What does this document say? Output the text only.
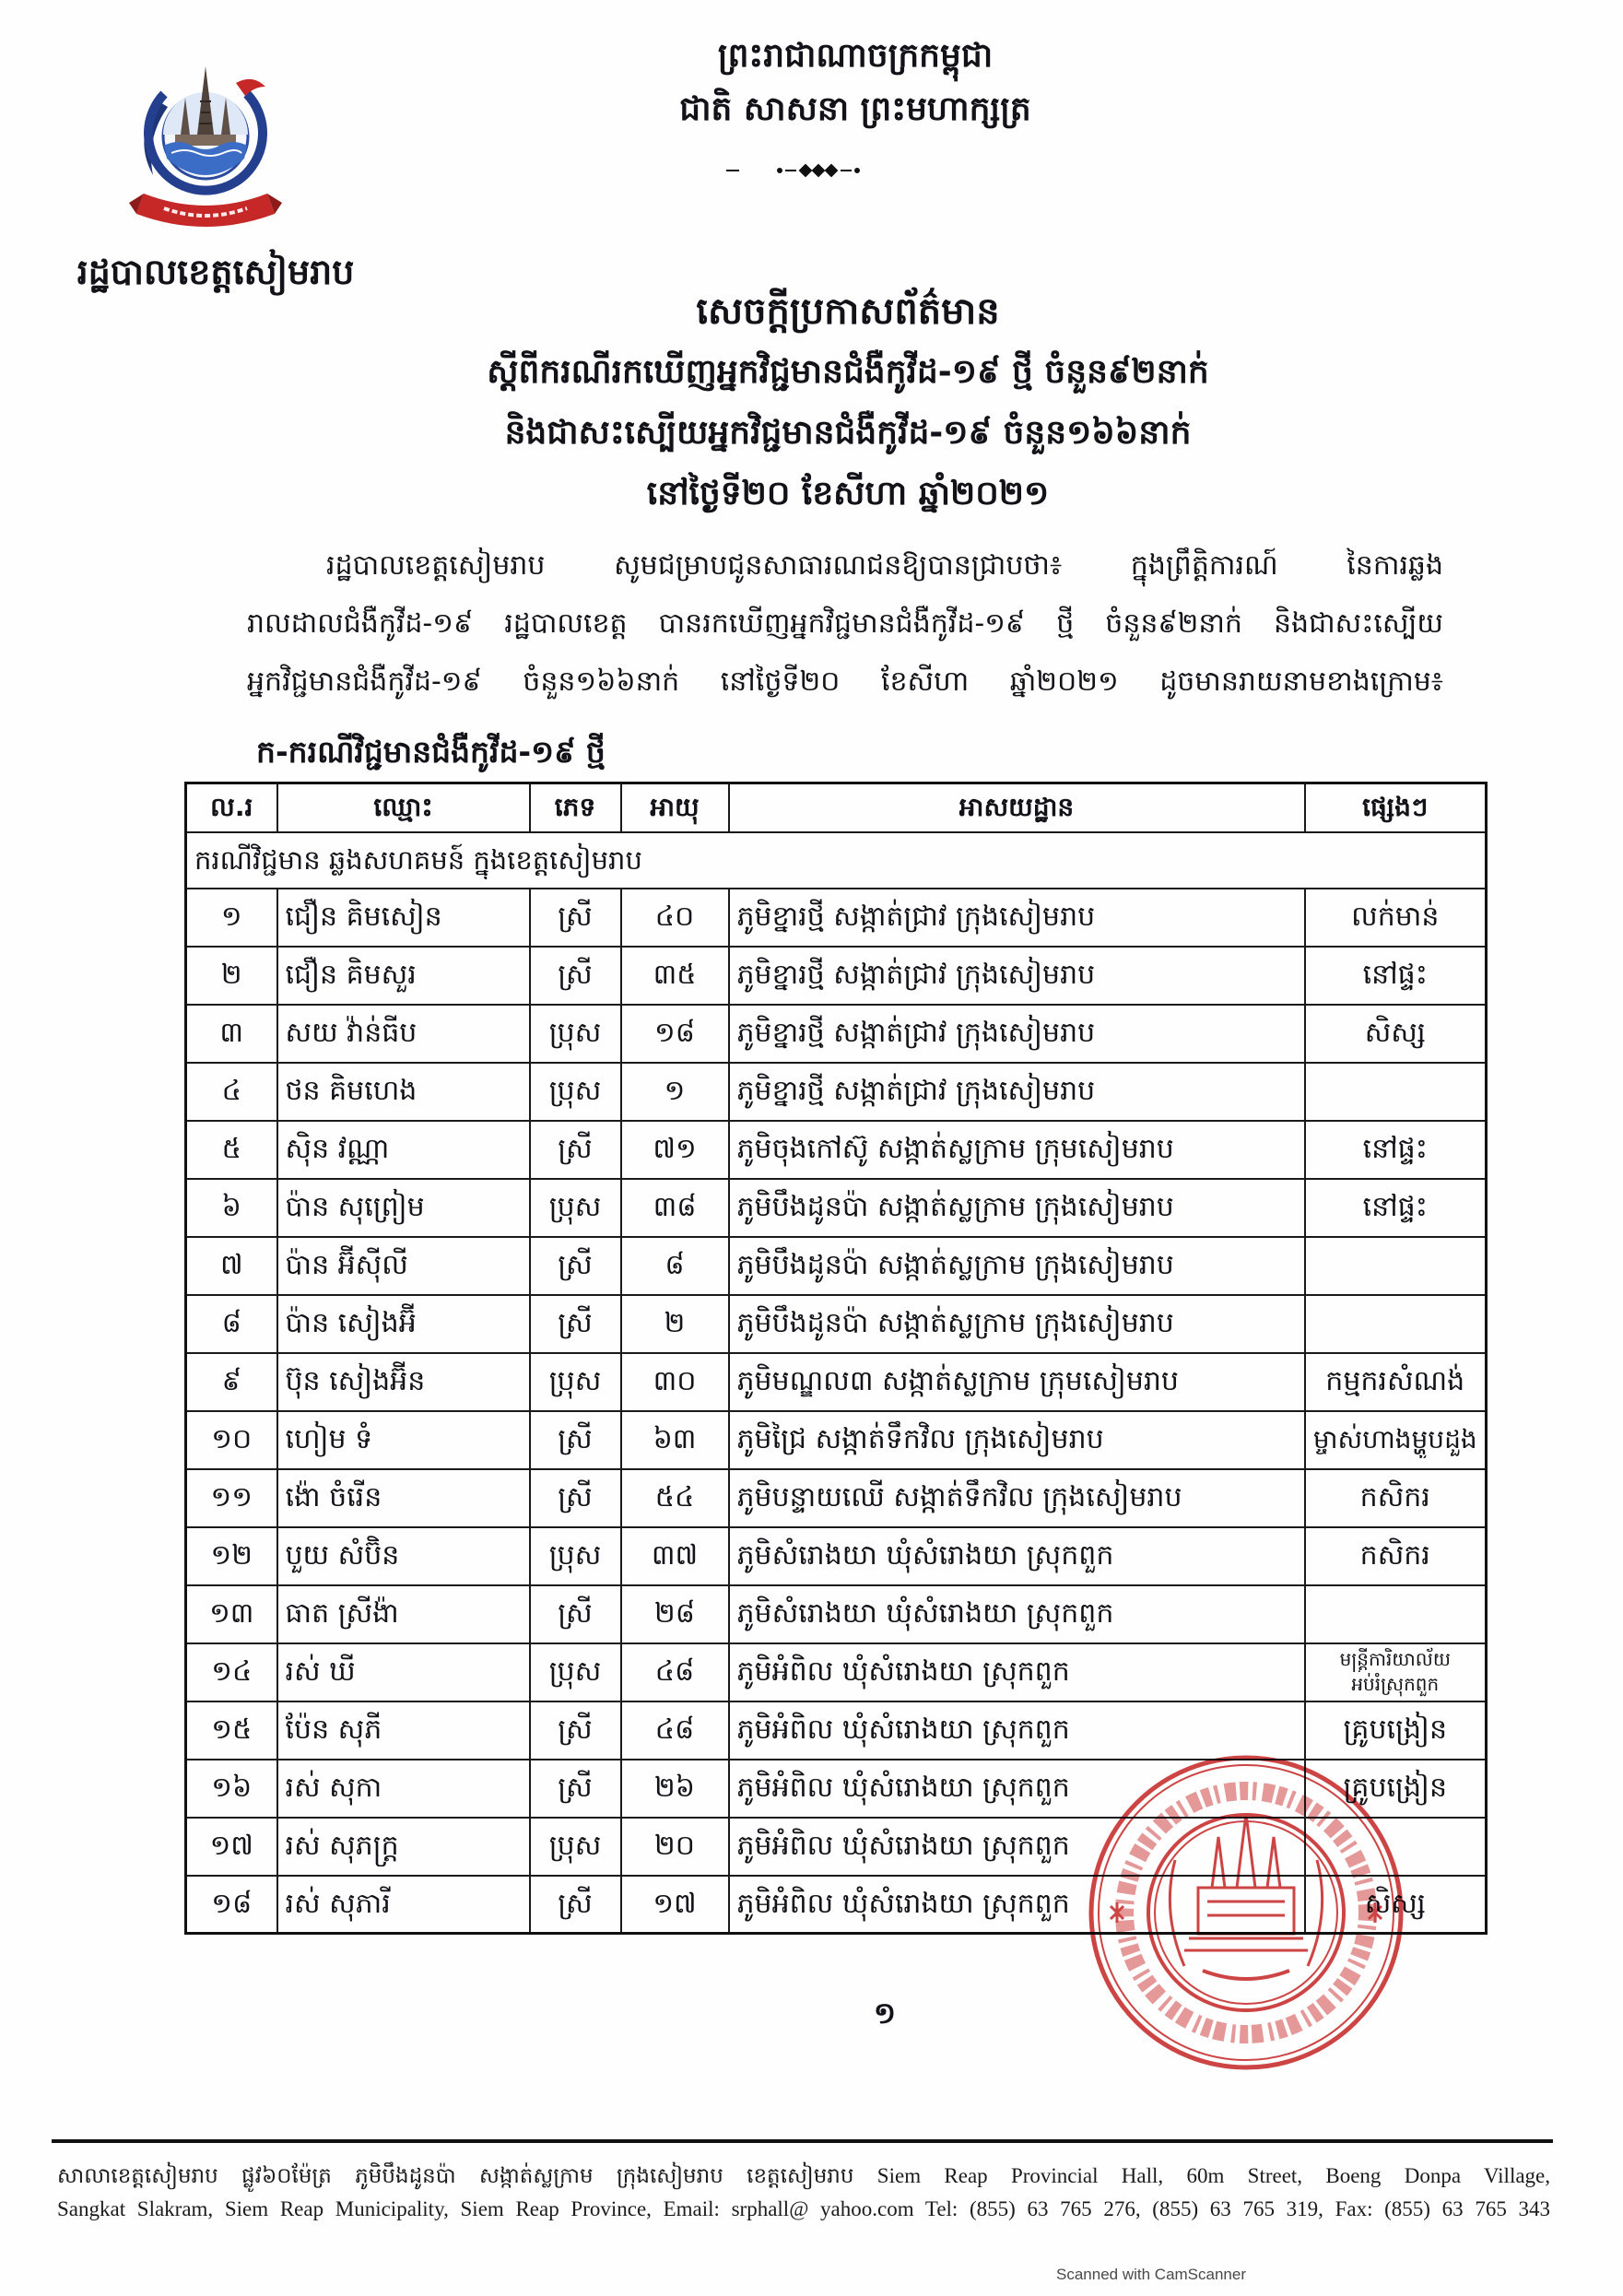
រដ្ឋបាលខេត្តសៀមរាប
ព្រះរាជាណាចក្រកម្ពុជា
ជាតិ សាសនា ព្រះមហាក្សត្រ
សេចក្តីប្រកាសព័ត៌មាន
ស្តីពីករណីរកឃើញអ្នកវិជ្ជមានជំងឺកូវីដ-១៩ ថ្មី ចំនួន៩២នាក់
និងជាសះស្បើយអ្នកវិជ្ជមានជំងឺកូវីដ-១៩ ចំនួន១៦៦នាក់
នៅថ្ងៃទី២០ ខែសីហា ឆ្នាំ២០២១
រដ្ឋបាលខេត្តសៀមរាប សូមជម្រាបជូនសាធារណជនឱ្យបានជ្រាបថា៖ ក្នុងព្រឹត្តិការណ៍ នៃការឆ្លង
រាលដាលជំងឺកូវីដ-១៩ រដ្ឋបាលខេត្ត បានរកឃើញអ្នកវិជ្ជមានជំងឺកូវីដ-១៩ ថ្មី ចំនួន៩២នាក់ និងជាសះស្បើយ
អ្នកវិជ្ជមានជំងឺកូវីដ-១៩ ចំនួន១៦៦នាក់ នៅថ្ងៃទី២០ ខែសីហា ឆ្នាំ២០២១ ដូចមានរាយនាមខាងក្រោម៖
ក-ករណីវិជ្ជមានជំងឺកូវីដ-១៩ ថ្មី
ល.រ	ឈ្មោះ	ភេទ	អាយុ	អាសយដ្ឋាន	ផ្សេងៗ

ករណីវិជ្ជមាន ឆ្លងសហគមន៍ ក្នុងខេត្តសៀមរាប					

១	ជឿន គិមសៀន	ស្រី	៤០	ភូមិខ្នារថ្មី សង្កាត់ជ្រាវ ក្រុងសៀមរាប	លក់មាន់

២	ជឿន គិមសួរ	ស្រី	៣៥	ភូមិខ្នារថ្មី សង្កាត់ជ្រាវ ក្រុងសៀមរាប	នៅផ្ទះ

៣	សយ វ៉ាន់ធីប	ប្រុស	១៨	ភូមិខ្នារថ្មី សង្កាត់ជ្រាវ ក្រុងសៀមរាប	សិស្ស

៤	ថន គិមហេង	ប្រុស	១	ភូមិខ្នារថ្មី សង្កាត់ជ្រាវ ក្រុងសៀមរាប	

៥	ស៊ិន វណ្ណា	ស្រី	៧១	ភូមិចុងកៅស៊ូ សង្កាត់ស្លក្រាម ក្រុមសៀមរាប	នៅផ្ទះ

៦	ប៉ាន សុព្រៀម	ប្រុស	៣៨	ភូមិបឹងដូនប៉ា សង្កាត់ស្លក្រាម ក្រុងសៀមរាប	នៅផ្ទះ

៧	ប៉ាន អ៊ីស៊ីលី	ស្រី	៨	ភូមិបឹងដូនប៉ា សង្កាត់ស្លក្រាម ក្រុងសៀមរាប	

៨	ប៉ាន សៀងអ៊ី	ស្រី	២	ភូមិបឹងដូនប៉ា សង្កាត់ស្លក្រាម ក្រុងសៀមរាប	

៩	ប៊ុន សៀងអ៊ីន	ប្រុស	៣០	ភូមិមណ្ឌល៣ សង្កាត់ស្លក្រាម ក្រុមសៀមរាប	កម្មករសំណង់

១០	ហៀម ទំ	ស្រី	៦៣	ភូមិជ្រៃ សង្កាត់ទឹកវិល ក្រុងសៀមរាប	ម្ចាស់ហាងម្ហូបដួង

១១	ង៉ោ ចំរើន	ស្រី	៥៤	ភូមិបន្ទាយឈើ សង្កាត់ទឹកវិល ក្រុងសៀមរាប	កសិករ

១២	បួយ សំប៊ិន	ប្រុស	៣៧	ភូមិសំរោងយា ឃុំសំរោងយា ស្រុកពួក	កសិករ

១៣	ធាត ស្រីង៉ា	ស្រី	២៨	ភូមិសំរោងយា ឃុំសំរោងយា ស្រុកពួក	

១៤	រស់ ឃី	ប្រុស	៤៨	ភូមិអំពិល ឃុំសំរោងយា ស្រុកពួក	មន្ត្រីការិយាល័យ
អប់រំស្រុកពួក

១៥	ប៉ែន សុភី	ស្រី	៤៨	ភូមិអំពិល ឃុំសំរោងយា ស្រុកពួក	គ្រូបង្រៀន

១៦	រស់ សុកា	ស្រី	២៦	ភូមិអំពិល ឃុំសំរោងយា ស្រុកពួក	គ្រូបង្រៀន

១៧	រស់ សុភក្ត្រ	ប្រុស	២០	ភូមិអំពិល ឃុំសំរោងយា ស្រុកពួក	

១៨	រស់ សុភារី	ស្រី	១៧	ភូមិអំពិល ឃុំសំរោងយា ស្រុកពួក	សិស្ស
១
សាលាខេត្តសៀមរាប ផ្លូវ៦០ម៉ែត្រ ភូមិបឹងដូនប៉ា សង្កាត់ស្លក្រាម ក្រុងសៀមរាប ខេត្តសៀមរាប Siem Reap Provincial Hall, 60m Street, Boeng Donpa Village,
Sangkat Slakram, Siem Reap Municipality, Siem Reap Province, Email: srphall@ yahoo.com Tel: (855) 63 765 276, (855) 63 765 319, Fax: (855) 63 765 343
Scanned with CamScanner
